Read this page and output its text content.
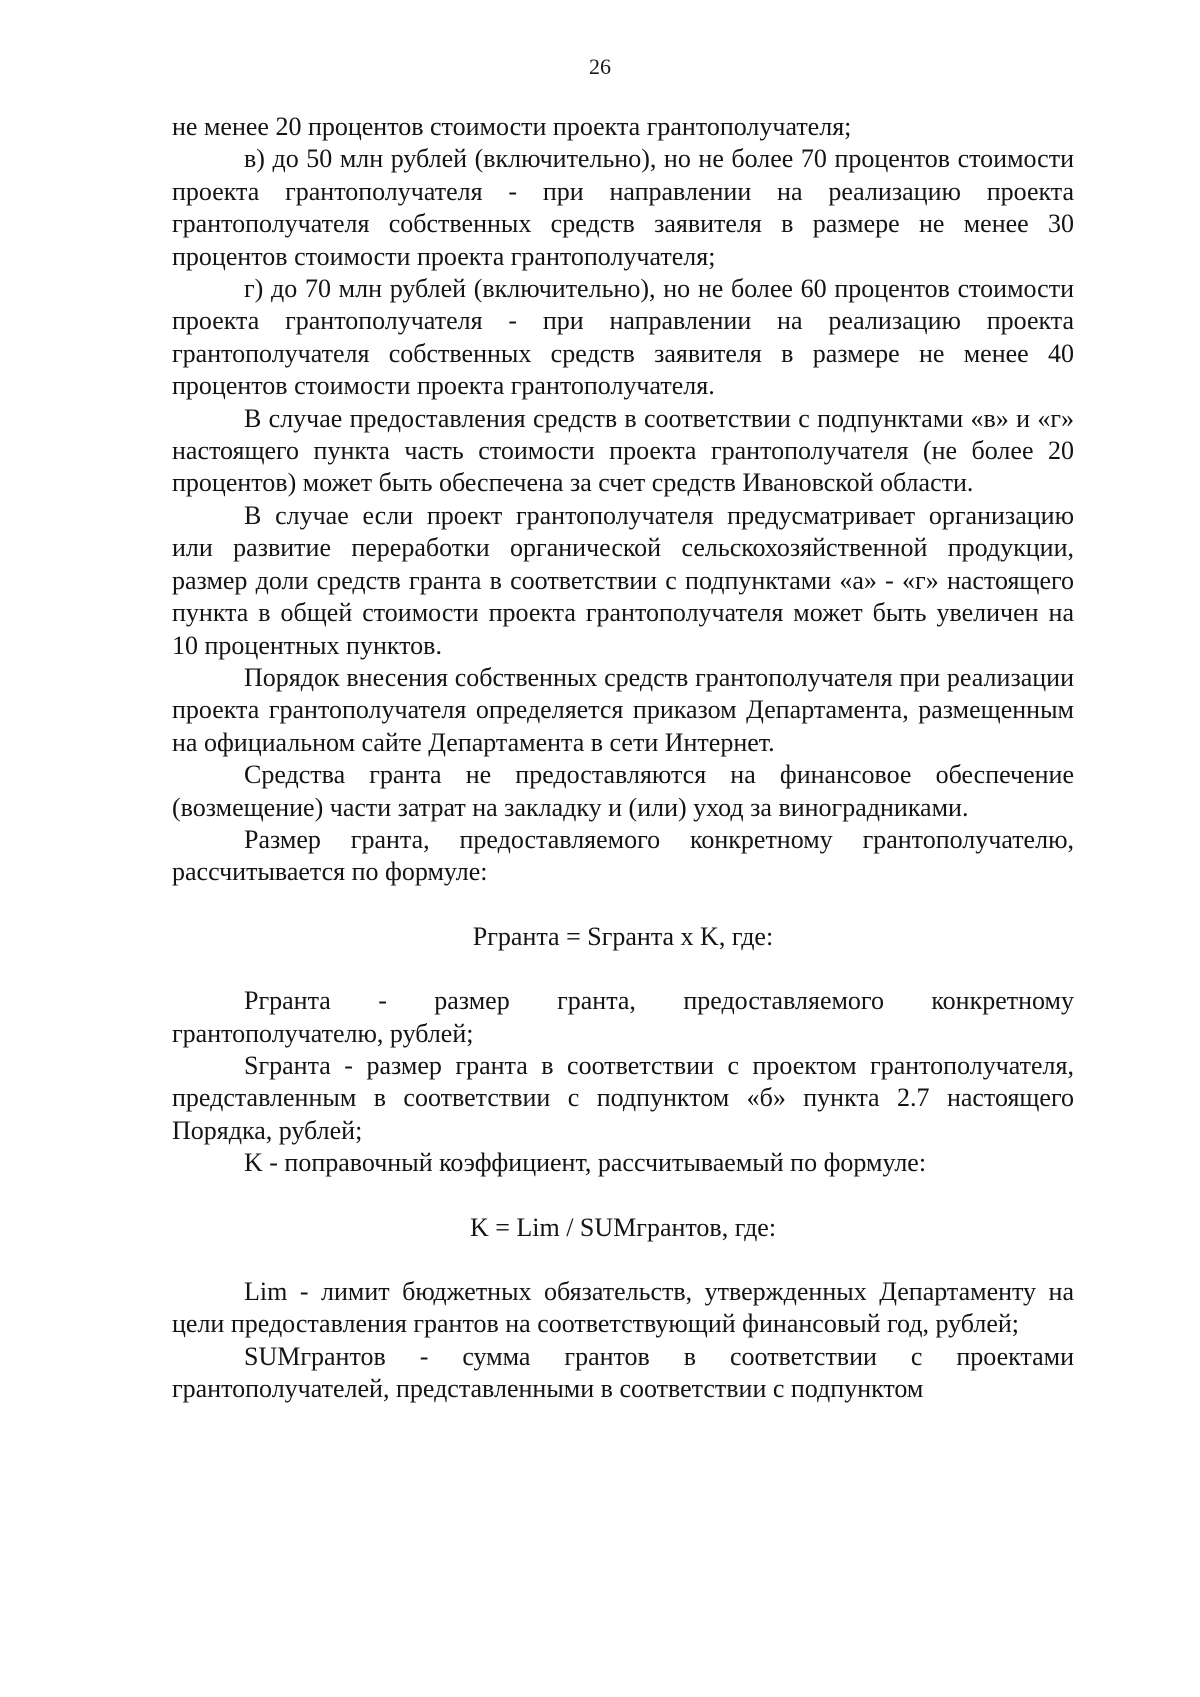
26

не менее 20 процентов стоимости проекта грантополучателя;

в) до 50 млн рублей (включительно), но не более 70 процентов стоимости проекта грантополучателя - при направлении на реализацию проекта грантополучателя собственных средств заявителя в размере не менее 30 процентов стоимости проекта грантополучателя;

г) до 70 млн рублей (включительно), но не более 60 процентов стоимости проекта грантополучателя - при направлении на реализацию проекта грантополучателя собственных средств заявителя в размере не менее 40 процентов стоимости проекта грантополучателя.

В случае предоставления средств в соответствии с подпунктами «в» и «г» настоящего пункта часть стоимости проекта грантополучателя (не более 20 процентов) может быть обеспечена за счет средств Ивановской области.

В случае если проект грантополучателя предусматривает организацию или развитие переработки органической сельскохозяйственной продукции, размер доли средств гранта в соответствии с подпунктами «а» - «г» настоящего пункта в общей стоимости проекта грантополучателя может быть увеличен на 10 процентных пунктов.

Порядок внесения собственных средств грантополучателя при реализации проекта грантополучателя определяется приказом Департамента, размещенным на официальном сайте Департамента в сети Интернет.

Средства гранта не предоставляются на финансовое обеспечение (возмещение) части затрат на закладку и (или) уход за виноградниками.

Размер гранта, предоставляемого конкретному грантополучателю, рассчитывается по формуле:

Pгранта = Sгранта x K, где:

Pгранта - размер гранта, предоставляемого конкретному грантополучателю, рублей;

Sгранта - размер гранта в соответствии с проектом грантополучателя, представленным в соответствии с подпунктом «б» пункта 2.7 настоящего Порядка, рублей;

K - поправочный коэффициент, рассчитываемый по формуле:

K = Lim / SUMгрантов, где:

Lim - лимит бюджетных обязательств, утвержденных Департаменту на цели предоставления грантов на соответствующий финансовый год, рублей;

SUMгрантов - сумма грантов в соответствии с проектами грантополучателей, представленными в соответствии с подпунктом
